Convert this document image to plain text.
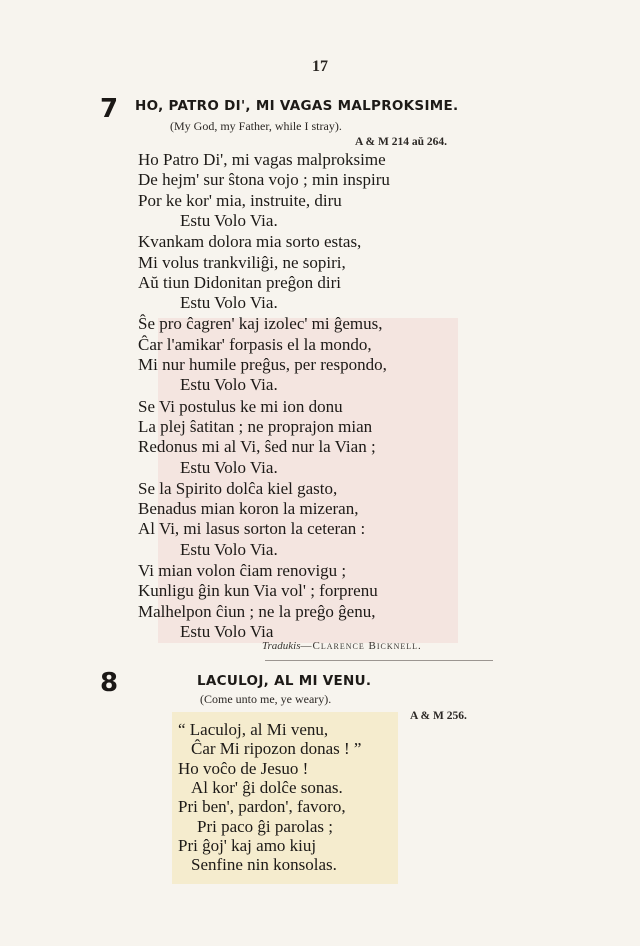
17
7 HO, PATRO DI', MI VAGAS MALPROKSIME.
(My God, my Father, while I stray).
A & M 214 aŭ 264.
Ho Patro Di', mi vagas malproksime
De hejm' sur ŝtona vojo ; min inspiru
Por ke kor' mia, instruite, diru
Estu Volo Via.
Kvankam dolora mia sorto estas,
Mi volus trankviliĝi, ne sopiri,
Aŭ tiun Didonitan preĝon diri
Estu Volo Via.
Ŝe pro ĉagren' kaj izolec' mi ĝemus,
Ĉar l'amikar' forpasis el la mondo,
Mi nur humile preĝus, per respondo,
Estu Volo Via.
Se Vi postulus ke mi ion donu
La plej ŝatitan ; ne proprajon mian
Redonus mi al Vi, ŝed nur la Vian ;
Estu Volo Via.
Se la Spirito dolĉa kiel gasto,
Benadus mian koron la mizeran,
Al Vi, mi lasus sorton la ceteran :
Estu Volo Via.
Vi mian volon ĉiam renovigu ;
Kunligu ĝin kun Via vol' ; forprenu
Malhelpon ĉiun ; ne la preĝo ĝenu,
Estu Volo Via
Tradukis—Clarence Bicknell.
8	LACULOJ, AL MI VENU.
(Come unto me, ye weary).
A & M 256.
“ Laculoj, al Mi venu,
Ĉar Mi ripozon donas ! ”
Ho voĉo de Jesuo !
Al kor' ĝi dolĉe sonas.
Pri ben', pardon', favoro,
Pri paco ĝi parolas ;
Pri ĝoj' kaj amo kiuj
Senfine nin konsolas.
